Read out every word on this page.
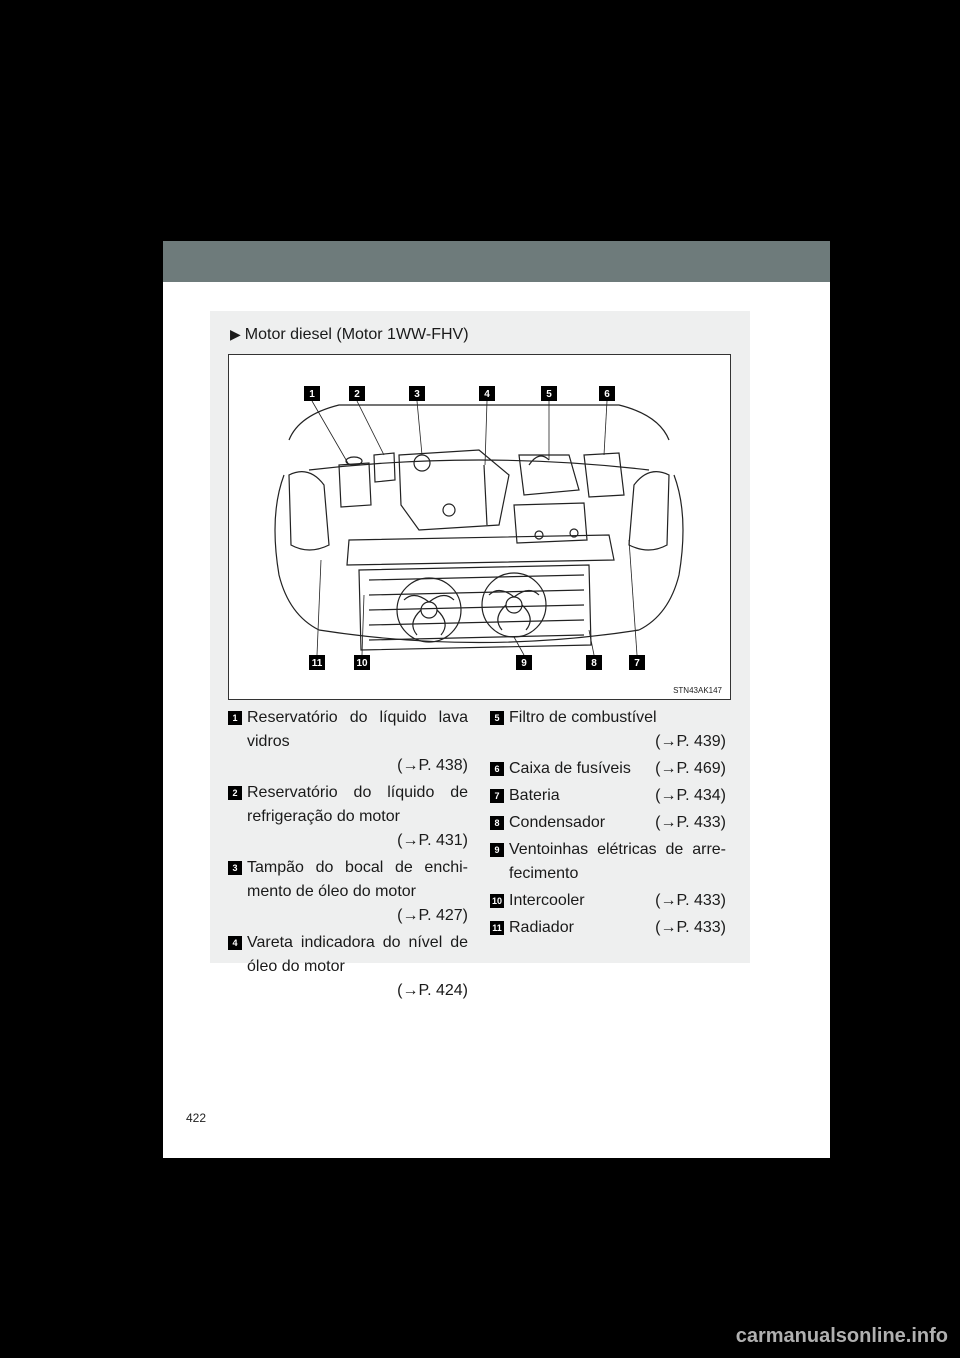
▶ Motor diesel (Motor 1WW-FHV)
1	2	3	4	5	6
11	10	9	8	7
STN43AK147
1 Reservatório do líquido lava vidros
(→P. 438)
2 Reservatório do líquido de refrigeração do motor
(→P. 431)
3 Tampão do bocal de enchi-mento de óleo do motor
(→P. 427)
4 Vareta indicadora do nível de óleo do motor
(→P. 424)
5 Filtro de combustível
(→P. 439)
6 Caixa de fusíveis (→P. 469)
7 Bateria	(→P. 434)
8 Condensador	(→P. 433)
9 Ventoinhas elétricas de arre-fecimento
10 Intercooler	(→P. 433)
11 Radiador	(→P. 433)
422
carmanualsonline.info
